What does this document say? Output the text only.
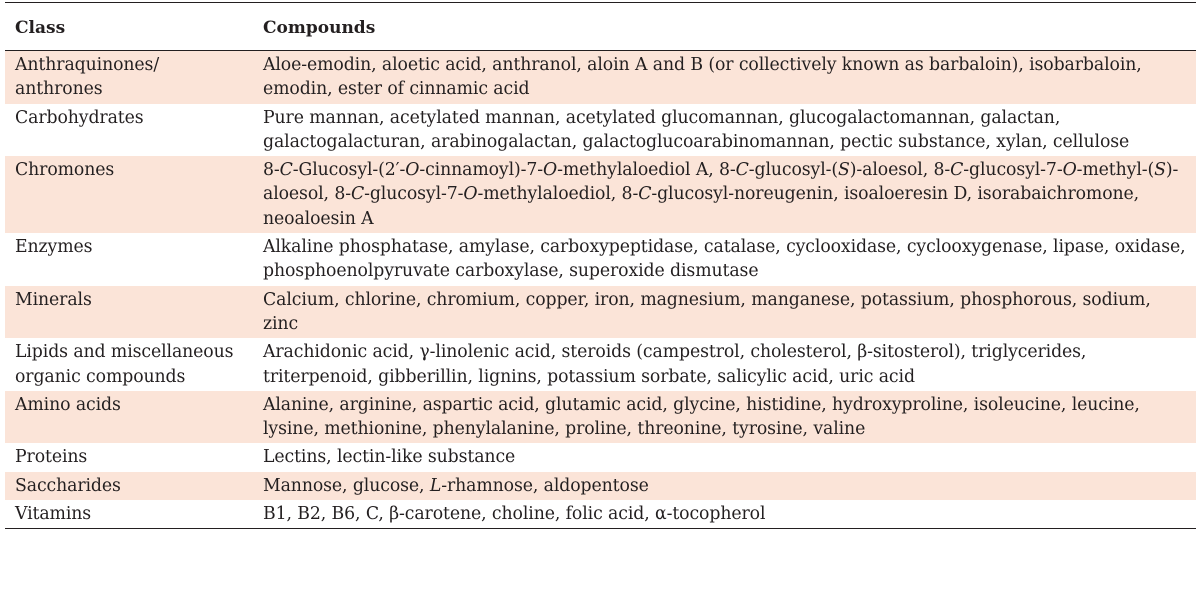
Class	Compounds
Anthraquinones/ anthrones	Aloe-emodin, aloetic acid, anthranol, aloin A and B (or collectively known as barbaloin), isobarbaloin, emodin, ester of cinnamic acid
Carbohydrates	Pure mannan, acetylated mannan, acetylated glucomannan, glucogalactomannan, galactan, galactogalacturan, arabinogalactan, galactoglucoarabinomannan, pectic substance, xylan, cellulose
Chromones	8-C-Glucosyl-(2′-O-cinnamoyl)-7-O-methylaloediol A, 8-C-glucosyl-(S)-aloesol, 8-C-glucosyl-7-O-methyl-(S)-aloesol, 8-C-glucosyl-7-O-methylaloediol, 8-C-glucosyl-noreugenin, isoaloeresin D, isorabaichromone, neoaloesin A
Enzymes	Alkaline phosphatase, amylase, carboxypeptidase, catalase, cyclooxidase, cyclooxygenase, lipase, oxidase, phosphoenolpyruvate carboxylase, superoxide dismutase
Minerals	Calcium, chlorine, chromium, copper, iron, magnesium, manganese, potassium, phosphorous, sodium, zinc
Lipids and miscellaneous organic compounds	Arachidonic acid, γ-linolenic acid, steroids (campestrol, cholesterol, β-sitosterol), triglycerides, triterpenoid, gibberillin, lignins, potassium sorbate, salicylic acid, uric acid
Amino acids	Alanine, arginine, aspartic acid, glutamic acid, glycine, histidine, hydroxyproline, isoleucine, leucine, lysine, methionine, phenylalanine, proline, threonine, tyrosine, valine
Proteins	Lectins, lectin-like substance
Saccharides	Mannose, glucose, L-rhamnose, aldopentose
Vitamins	B1, B2, B6, C, β-carotene, choline, folic acid, α-tocopherol
